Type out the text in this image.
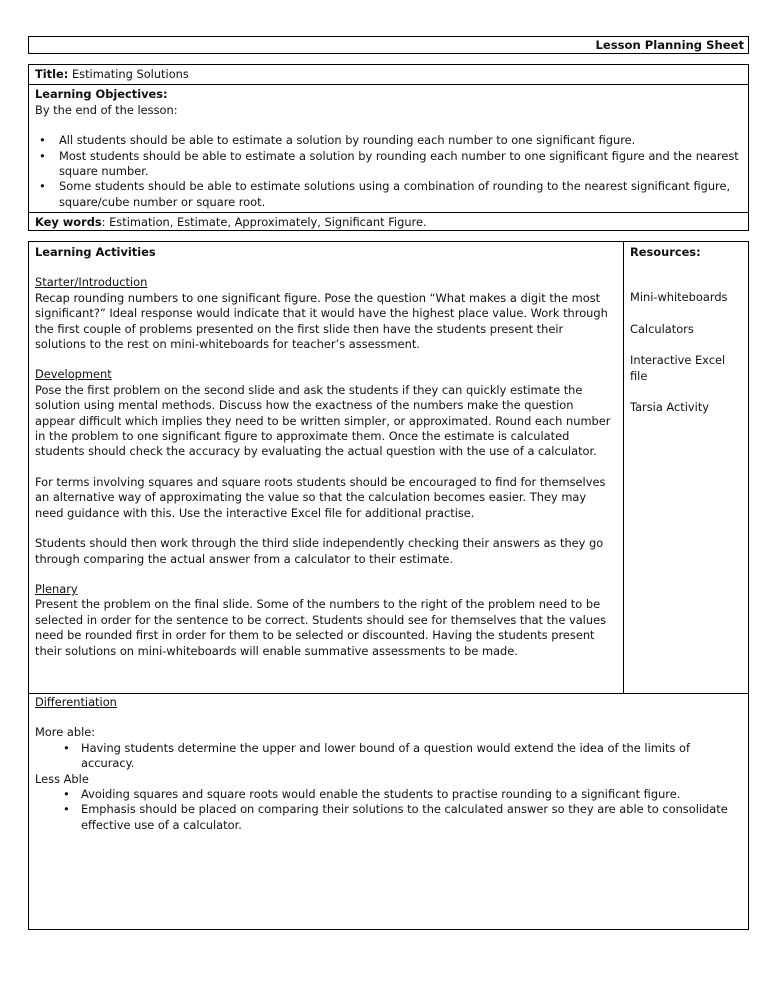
Lesson Planning Sheet
Title: Estimating Solutions
Learning Objectives:
By the end of the lesson:
• All students should be able to estimate a solution by rounding each number to one significant figure.
• Most students should be able to estimate a solution by rounding each number to one significant figure and the nearest square number.
• Some students should be able to estimate solutions using a combination of rounding to the nearest significant figure, square/cube number or square root.
Key words: Estimation, Estimate, Approximately, Significant Figure.
Learning Activities
Starter/Introduction

Recap rounding numbers to one significant figure. Pose the question “What makes a digit the most significant?” Ideal response would indicate that it would have the highest place value. Work through the first couple of problems presented on the first slide then have the students present their solutions to the rest on mini-whiteboards for teacher’s assessment.

Development

Pose the first problem on the second slide and ask the students if they can quickly estimate the solution using mental methods. Discuss how the exactness of the numbers make the question appear difficult which implies they need to be written simpler, or approximated. Round each number in the problem to one significant figure to approximate them. Once the estimate is calculated students should check the accuracy by evaluating the actual question with the use of a calculator.

For terms involving squares and square roots students should be encouraged to find for themselves an alternative way of approximating the value so that the calculation becomes easier. They may need guidance with this. Use the interactive Excel file for additional practise.

Students should then work through the third slide independently checking their answers as they go through comparing the actual answer from a calculator to their estimate.

Plenary

Present the problem on the final slide. Some of the numbers to the right of the problem need to be selected in order for the sentence to be correct. Students should see for themselves that the values need be rounded first in order for them to be selected or discounted. Having the students present their solutions on mini-whiteboards will enable summative assessments to be made.

Resources:
Mini-whiteboards
Calculators
Interactive Excel file
Tarsia Activity
Differentiation
More able:
• Having students determine the upper and lower bound of a question would extend the idea of the limits of accuracy.
Less Able
• Avoiding squares and square roots would enable the students to practise rounding to a significant figure.
• Emphasis should be placed on comparing their solutions to the calculated answer so they are able to consolidate effective use of a calculator.
